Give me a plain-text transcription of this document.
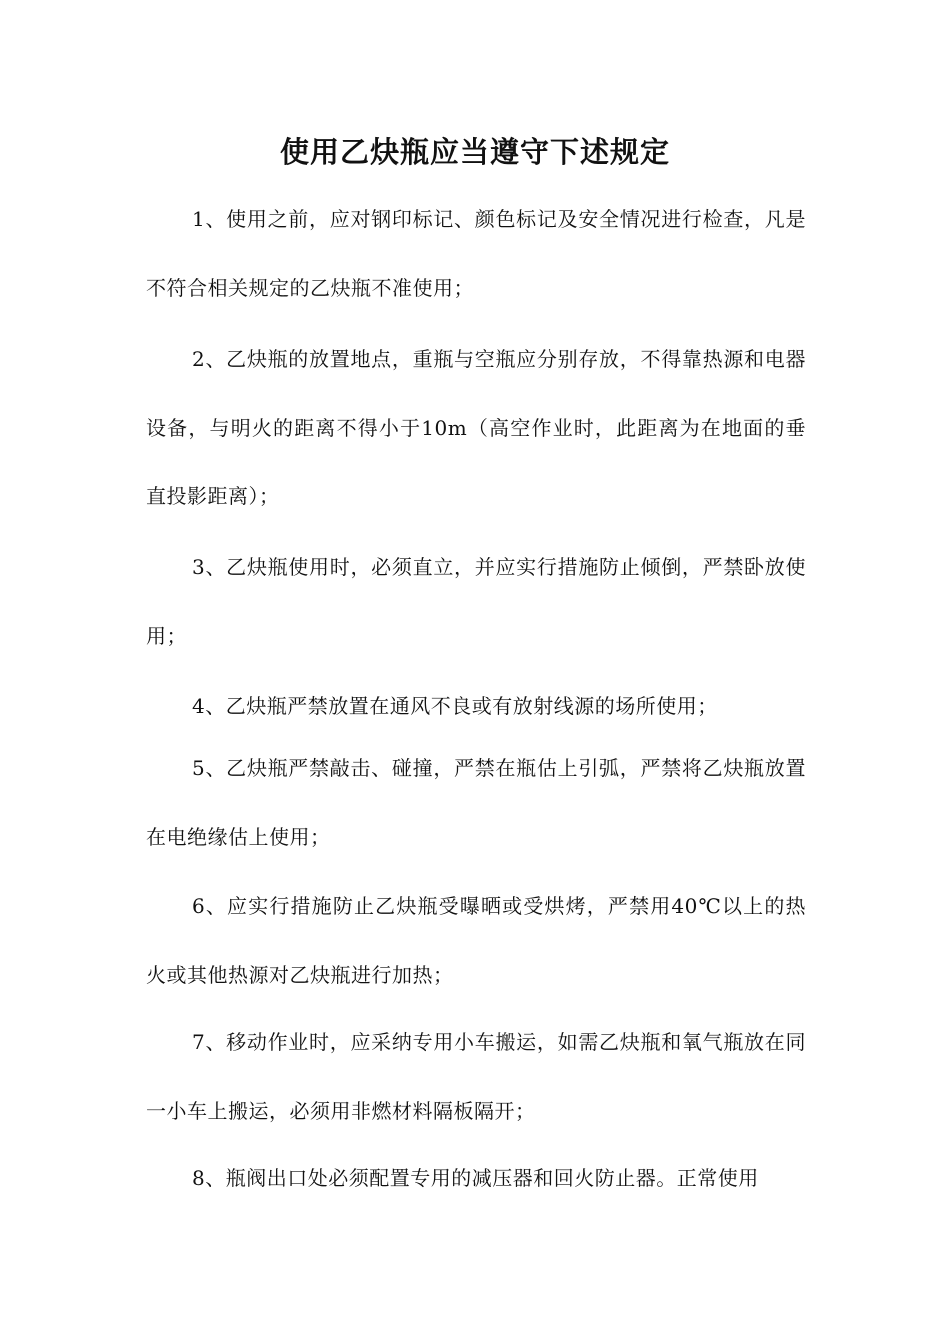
使用乙炔瓶应当遵守下述规定
1、使用之前，应对钢印标记、颜色标记及安全情况进行检查，凡是不符合相关规定的乙炔瓶不准使用；
2、乙炔瓶的放置地点，重瓶与空瓶应分别存放，不得靠热源和电器设备，与明火的距离不得小于10m（高空作业时，此距离为在地面的垂直投影距离）；
3、乙炔瓶使用时，必须直立，并应实行措施防止倾倒，严禁卧放使用；
4、乙炔瓶严禁放置在通风不良或有放射线源的场所使用；
5、乙炔瓶严禁敲击、碰撞，严禁在瓶估上引弧，严禁将乙炔瓶放置在电绝缘估上使用；
6、应实行措施防止乙炔瓶受曝晒或受烘烤，严禁用40℃以上的热火或其他热源对乙炔瓶进行加热；
7、移动作业时，应采纳专用小车搬运，如需乙炔瓶和氧气瓶放在同一小车上搬运，必须用非燃材料隔板隔开；
8、瓶阀出口处必须配置专用的减压器和回火防止器。正常使用
